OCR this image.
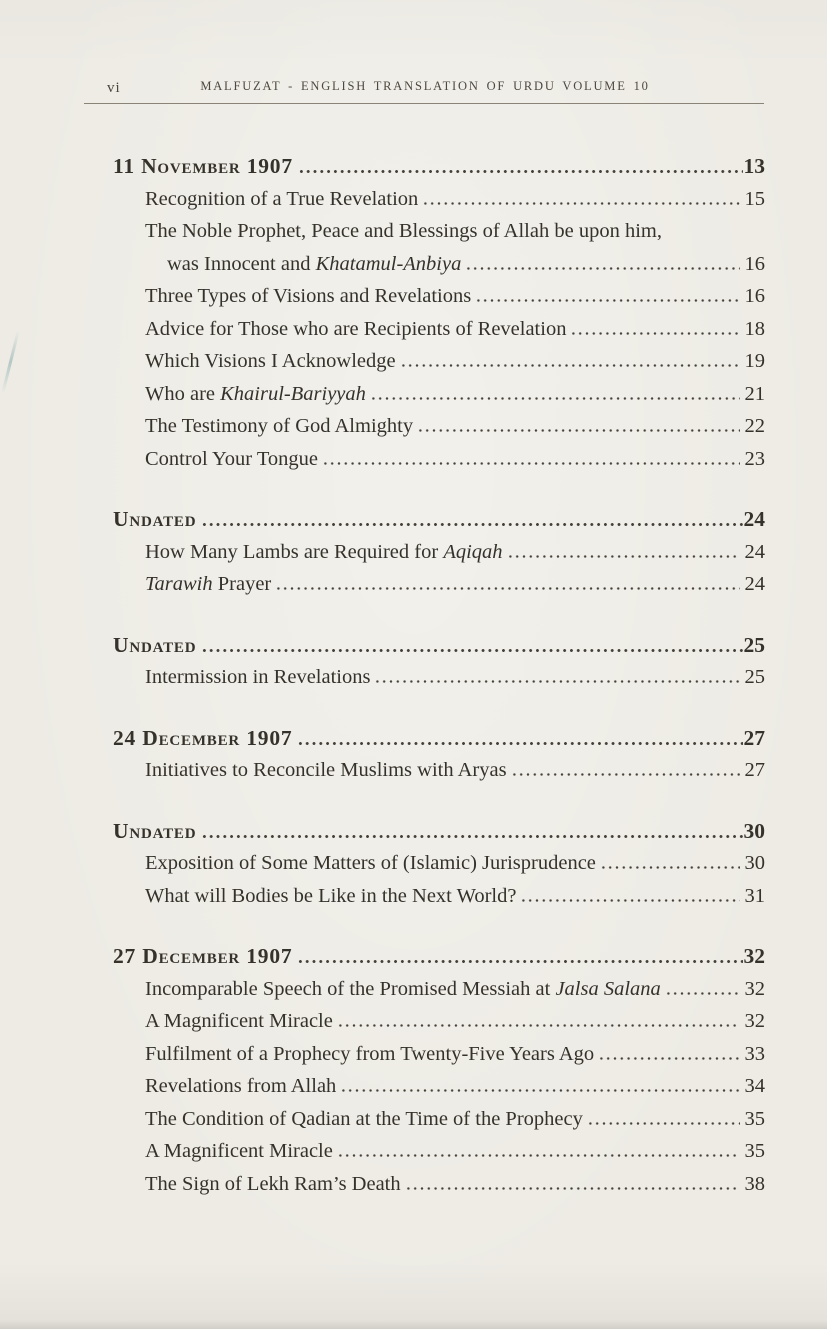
vi	MALFUZAT - ENGLISH TRANSLATION OF URDU VOLUME 10
11 November 1907	13
Recognition of a True Revelation	15
The Noble Prophet, Peace and Blessings of Allah be upon him,
was Innocent and Khatamul-Anbiya	16
Three Types of Visions and Revelations	16
Advice for Those who are Recipients of Revelation	18
Which Visions I Acknowledge	19
Who are Khairul-Bariyyah	21
The Testimony of God Almighty	22
Control Your Tongue	23
Undated	24
How Many Lambs are Required for Aqiqah	24
Tarawih Prayer	24
Undated	25
Intermission in Revelations	25
24 December 1907	27
Initiatives to Reconcile Muslims with Aryas	27
Undated	30
Exposition of Some Matters of (Islamic) Jurisprudence	30
What will Bodies be Like in the Next World?	31
27 December 1907	32
Incomparable Speech of the Promised Messiah at Jalsa Salana	32
A Magnificent Miracle	32
Fulfilment of a Prophecy from Twenty-Five Years Ago	33
Revelations from Allah	34
The Condition of Qadian at the Time of the Prophecy	35
A Magnificent Miracle	35
The Sign of Lekh Ram’s Death	38
